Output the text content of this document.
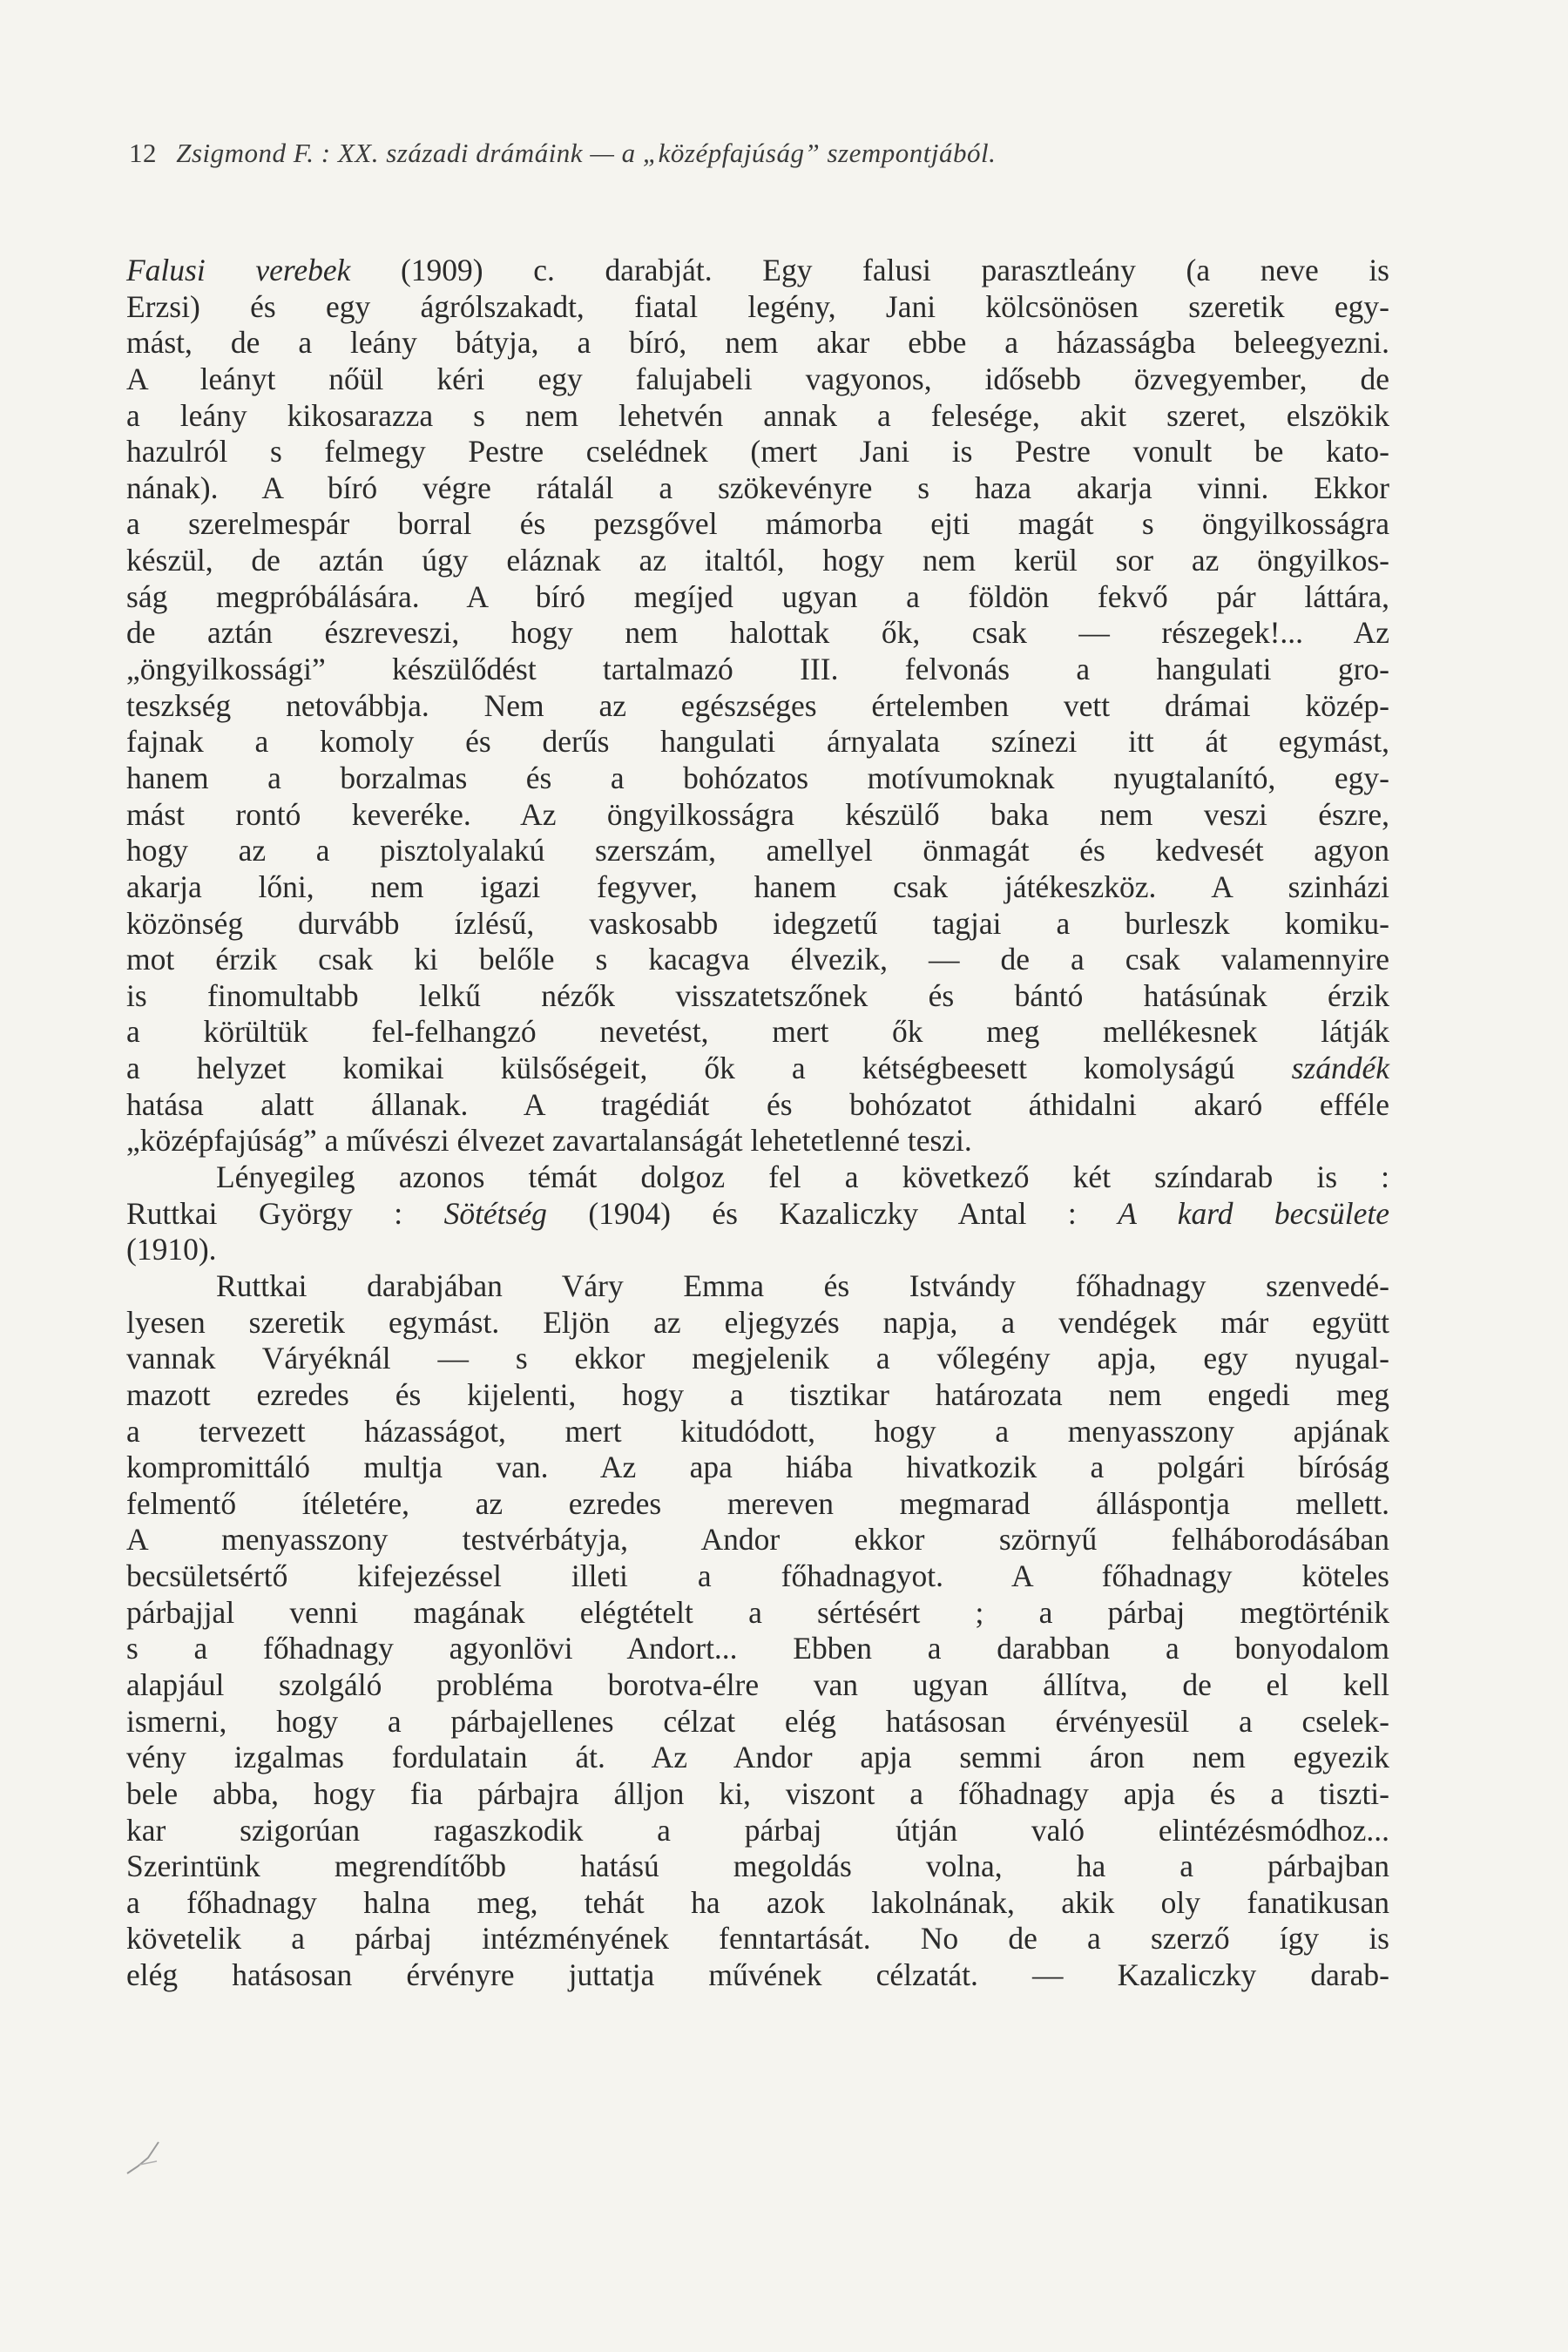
12 Zsigmond F. : XX. századi drámáink — a „középfajúság” szempontjából.
Falusi verebek (1909) c. darabját. Egy falusi parasztleány (a neve is
Erzsi) és egy ágrólszakadt, fiatal legény, Jani kölcsönösen szeretik egy-
mást, de a leány bátyja, a bíró, nem akar ebbe a házasságba beleegyezni.
A leányt nőül kéri egy falujabeli vagyonos, idősebb özvegyember, de
a leány kikosarazza s nem lehetvén annak a felesége, akit szeret, elszökik
hazulról s felmegy Pestre cselédnek (mert Jani is Pestre vonult be kato-
nának). A bíró végre rátalál a szökevényre s haza akarja vinni. Ekkor
a szerelmespár borral és pezsgővel mámorba ejti magát s öngyilkosságra
készül, de aztán úgy eláznak az italtól, hogy nem kerül sor az öngyilkos-
ság megpróbálására. A bíró megíjed ugyan a földön fekvő pár láttára,
de aztán észreveszi, hogy nem halottak ők, csak — részegek!... Az
„öngyilkossági” készülődést tartalmazó III. felvonás a hangulati gro-
teszkség netovábbja. Nem az egészséges értelemben vett drámai közép-
fajnak a komoly és derűs hangulati árnyalata színezi itt át egymást,
hanem a borzalmas és a bohózatos motívumoknak nyugtalanító, egy-
mást rontó keveréke. Az öngyilkosságra készülő baka nem veszi észre,
hogy az a pisztolyalakú szerszám, amellyel önmagát és kedvesét agyon
akarja lőni, nem igazi fegyver, hanem csak játékeszköz. A szinházi
közönség durvább ízlésű, vaskosabb idegzetű tagjai a burleszk komiku-
mot érzik csak ki belőle s kacagva élvezik, — de a csak valamennyire
is finomultabb lelkű nézők visszatetszőnek és bántó hatásúnak érzik
a körültük fel-felhangzó nevetést, mert ők meg mellékesnek látják
a helyzet komikai külsőségeit, ők a kétségbeesett komolyságú szándék
hatása alatt állanak. A tragédiát és bohózatot áthidalni akaró efféle
„középfajúság” a művészi élvezet zavartalanságát lehetetlenné teszi.
Lényegileg azonos témát dolgoz fel a következő két színdarab is :
Ruttkai György : Sötétség (1904) és Kazaliczky Antal : A kard becsülete
(1910).
Ruttkai darabjában Váry Emma és Istvándy főhadnagy szenvedé-
lyesen szeretik egymást. Eljön az eljegyzés napja, a vendégek már együtt
vannak Váryéknál — s ekkor megjelenik a vőlegény apja, egy nyugal-
mazott ezredes és kijelenti, hogy a tisztikar határozata nem engedi meg
a tervezett házasságot, mert kitudódott, hogy a menyasszony apjának
kompromittáló multja van. Az apa hiába hivatkozik a polgári bíróság
felmentő ítéletére, az ezredes mereven megmarad álláspontja mellett.
A menyasszony testvérbátyja, Andor ekkor szörnyű felháborodásában
becsületsértő kifejezéssel illeti a főhadnagyot. A főhadnagy köteles
párbajjal venni magának elégtételt a sértésért ; a párbaj megtörténik
s a főhadnagy agyonlövi Andort... Ebben a darabban a bonyodalom
alapjául szolgáló probléma borotva-élre van ugyan állítva, de el kell
ismerni, hogy a párbajellenes célzat elég hatásosan érvényesül a cselek-
vény izgalmas fordulatain át. Az Andor apja semmi áron nem egyezik
bele abba, hogy fia párbajra álljon ki, viszont a főhadnagy apja és a tiszti-
kar szigorúan ragaszkodik a párbaj útján való elintézésmódhoz...
Szerintünk megrendítőbb hatású megoldás volna, ha a párbajban
a főhadnagy halna meg, tehát ha azok lakolnának, akik oly fanatikusan
követelik a párbaj intézményének fenntartását. No de a szerző így is
elég hatásosan érvényre juttatja művének célzatát. — Kazaliczky darab-
